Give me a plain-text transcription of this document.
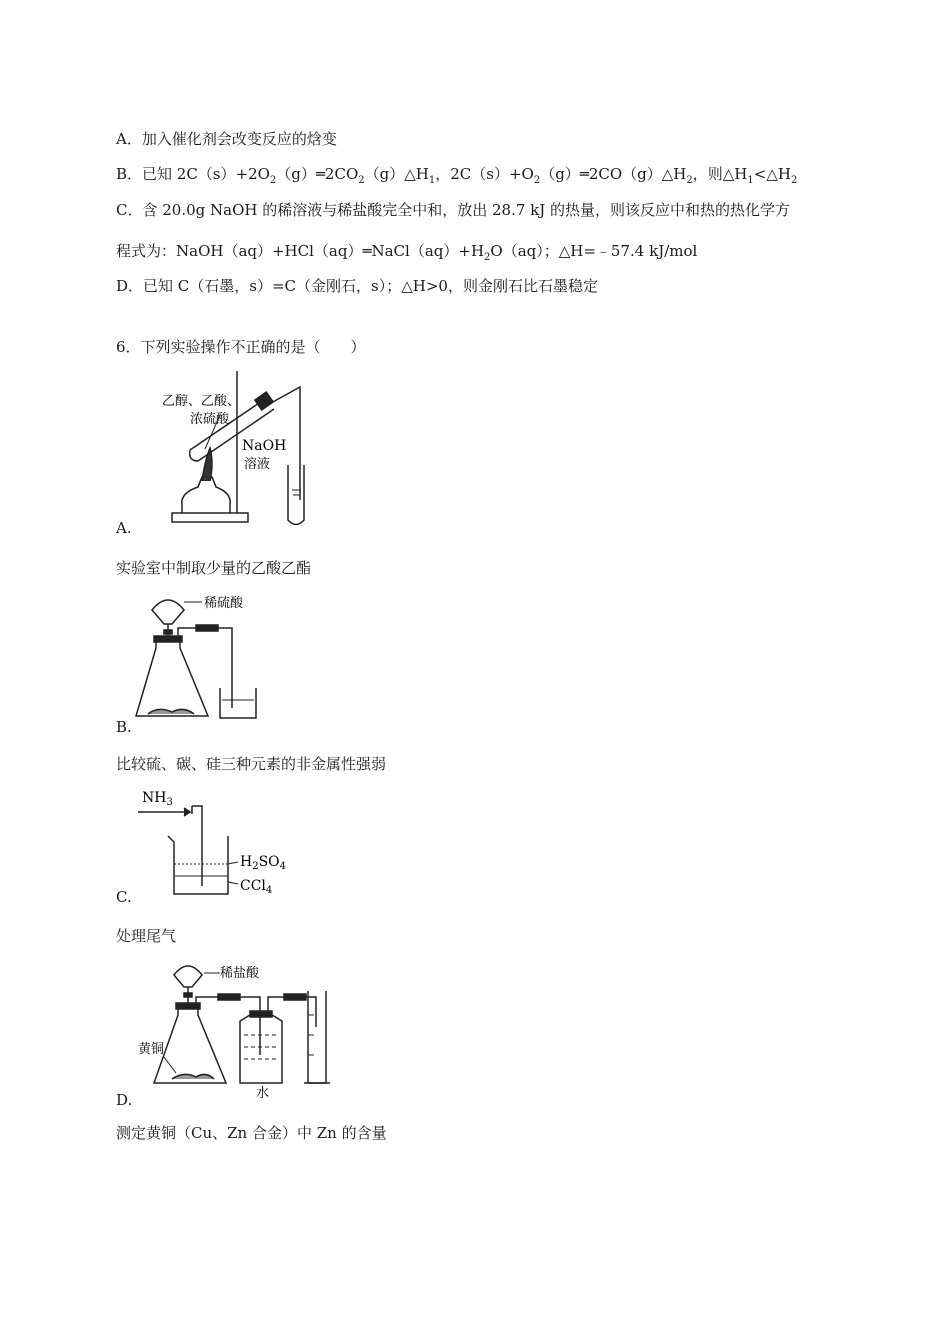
A．加入催化剂会改变反应的焓变
B．已知 $2C(s)+2O_2(g)═2CO_2(g)\triangle H_1$，$2C(s)+O_2(g)═2CO(g)\triangle H_2$，则$\triangle H_1<\triangle H_2$
C．含 20.0g NaOH 的稀溶液与稀盐酸完全中和，放出 28.7 kJ 的热量，则该反应中和热的热化学方
程式为：$NaOH(aq)+HCl(aq)═NaCl(aq)+H_2O(aq)$；△H=﹣57.4 kJ/mol
D．已知 C（石墨，s）=C（金刚石，s）；△H>0，则金刚石比石墨稳定
6．下列实验操作不正确的是（　　）
乙醇、乙酸、
浓硫酸
NaOH
溶液
A.
实验室中制取少量的乙酸乙酯
稀硫酸
B.
比较硫、碳、硅三种元素的非金属性强弱
$NH_3$
$H_2SO_4$
CCl$_4$
C.
处理尾气
稀盐酸
黄铜
水
D.
测定黄铜（Cu、Zn 合金）中 Zn 的含量
